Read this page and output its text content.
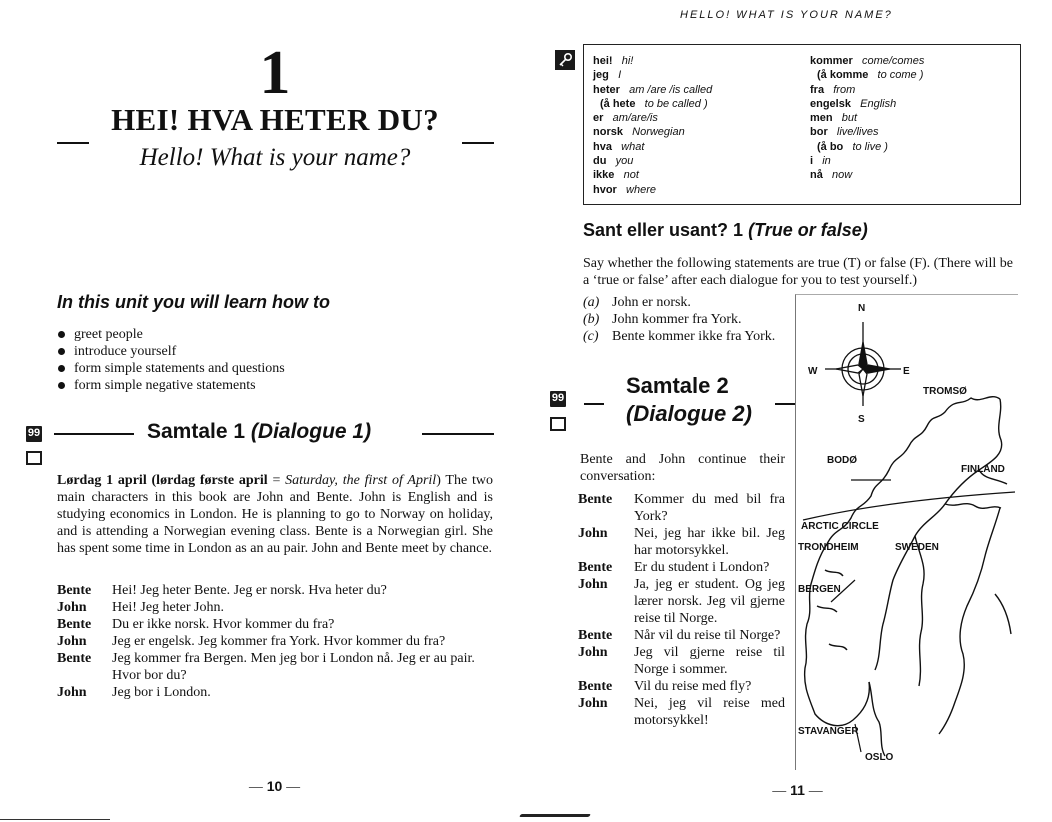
1
HEI! HVA HETER DU?
Hello! What is your name?
In this unit you will learn how to
greet people
introduce yourself
form simple statements and questions
form simple negative statements
99	Samtale 1 (Dialogue 1)
Lørdag 1 april (lørdag første april = Saturday, the first of April) The two main characters in this book are John and Bente. John is English and is studying economics in London. He is planning to go to Norway on holiday, and is attending a Norwegian evening class. Bente is a Norwegian girl. She has spent some time in London as an au pair. John and Bente meet by chance.
Bente	Hei! Jeg heter Bente. Jeg er norsk. Hva heter du?
John	Hei! Jeg heter John.
Bente	Du er ikke norsk. Hvor kommer du fra?
John	Jeg er engelsk. Jeg kommer fra York. Hvor kommer du fra?
Bente	Jeg kommer fra Bergen. Men jeg bor i London nå. Jeg er au pair. Hvor bor du?
John	Jeg bor i London.
— 10 —
HELLO! WHAT IS YOUR NAME?
hei! hi!
jeg I
heter am /are /is called
(å hete to be called )
er am/are/is
norsk Norwegian
hva what
du you
ikke not
hvor where
kommer come/comes
(å komme to come )
fra from
engelsk English
men but
bor live/lives
(å bo to live )
i in
nå now
Sant eller usant? 1 (True or false)
Say whether the following statements are true (T) or false (F). (There will be a ‘true or false’ after each dialogue for you to test yourself.)
(a) John er norsk.
(b) John kommer fra York.
(c) Bente kommer ikke fra York.
99	Samtale 2
(Dialogue 2)
Bente and John continue their conversation:
Bente	Kommer du med bil fra York?
John	Nei, jeg har ikke bil. Jeg har motorsykkel.
Bente	Er du student i London?
John	Ja, jeg er student. Og jeg lærer norsk. Jeg vil gjerne reise til Norge.
Bente	Når vil du reise til Norge?
John	Jeg vil gjerne reise til Norge i sommer.
Bente	Vil du reise med fly?
John	Nei, jeg vil reise med motorsykkel!
N
S
W	E
TROMSØ
BODØ
FINLAND
ARCTIC CIRCLE
TRONDHEIM	SWEDEN
BERGEN
STAVANGER
OSLO
— 11 —
